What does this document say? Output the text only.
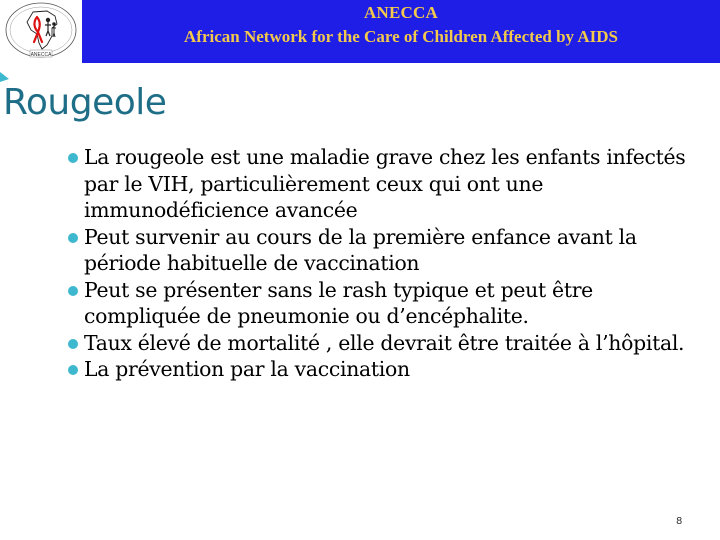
ANECCA
ANECCA
African Network for the Care of Children Affected by AIDS
Rougeole
La rougeole est une maladie grave chez les enfants infectés par le VIH, particulièrement ceux qui ont une immunodéficience avancée
Peut survenir au cours de la première enfance avant la période habituelle de vaccination
Peut se présenter sans le rash typique et peut être compliquée de pneumonie ou d’encéphalite.
Taux élevé de mortalité , elle devrait être traitée à l’hôpital.
La prévention par la vaccination
8
